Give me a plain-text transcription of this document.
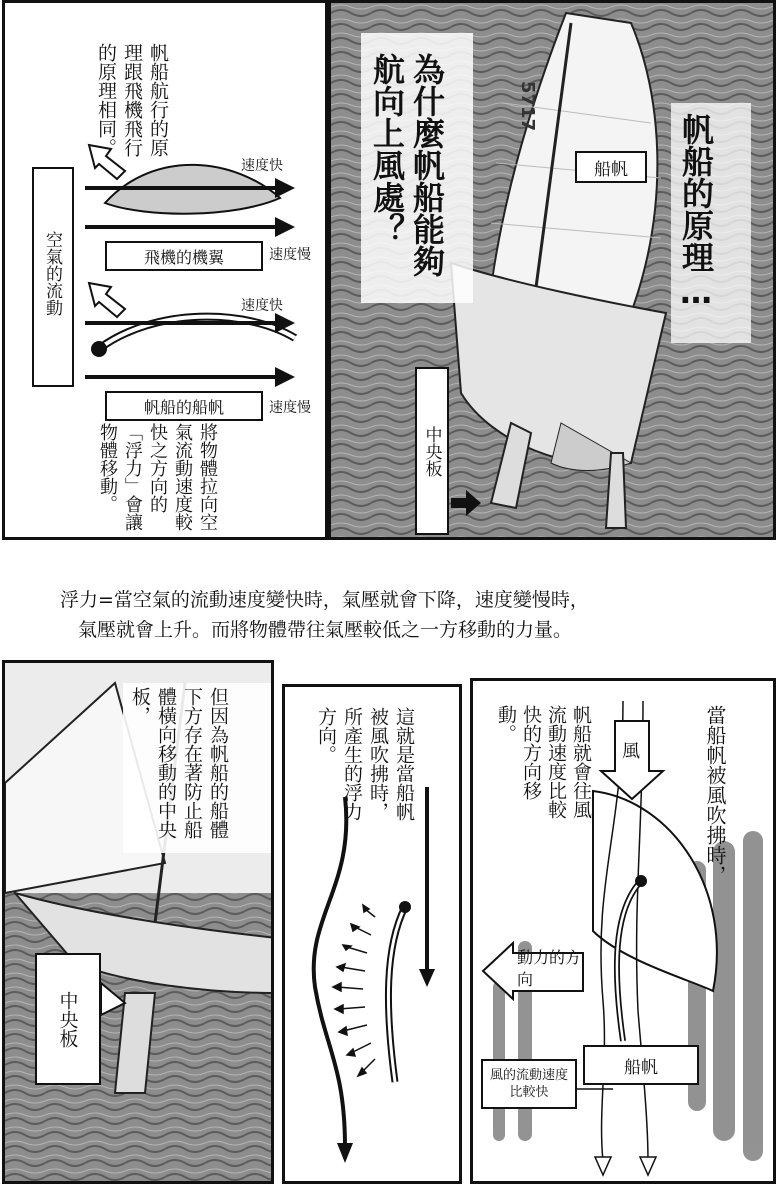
帆船航行的原理跟飛機飛行的原理相同。
速度快
速度慢
飛機的機翼
速度快
速度慢
帆船的船帆
空氣的流動
將物體拉向空氣流動速度較快之方向的「浮力」會讓物體移動。
5717
帆船的原理…
為什麼帆船能夠航向上風處？	船帆
中央板
浮力=當空氣的流動速度變快時，氣壓就會下降，速度變慢時，
氣壓就會上升。而將物體帶往氣壓較低之一方移動的力量。
但因為帆船的船體下方存在著防止船體橫向移動的中央板，
中央板
這就是當船帆被風吹拂時，所產生的浮力方向。	當船帆被風吹拂時，
帆船就會往風流動速度比較快的方向移動。
風
動力的方向
船帆
風的流動速度比較快
